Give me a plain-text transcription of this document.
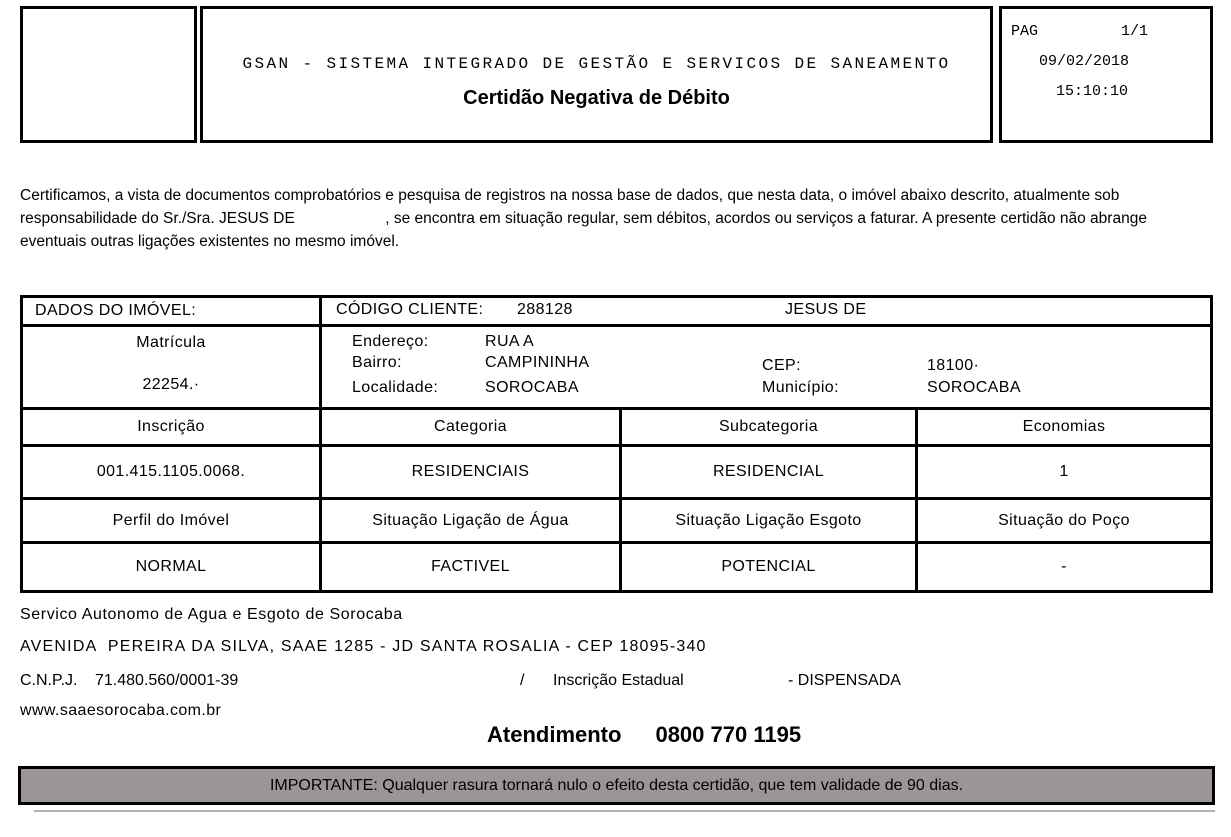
GSAN - SISTEMA INTEGRADO DE GESTÃO E SERVICOS DE SANEAMENTO
Certidão Negativa de Débito
PAG	1/1
09/02/2018
15:10:10
Certificamos, a vista de documentos comprobatórios e pesquisa de registros na nossa base de dados, que nesta data, o imóvel abaixo descrito, atualmente sob
responsabilidade do Sr./Sra. JESUS DE                     , se encontra em situação regular, sem débitos, acordos ou serviços a faturar. A presente certidão não abrange
eventuais outras ligações existentes no mesmo imóvel.
DADOS DO IMÓVEL:	CÓDIGO CLIENTE: 288128	JESUS DE
Matrícula
22254.·
Endereço:	RUA A
Bairro:	CAMPININHA
Localidade:	SOROCABA
CEP:	18100·
Município:	SOROCABA
Inscrição	Categoria	Subcategoria	Economias
001.415.1105.0068.	RESIDENCIAIS	RESIDENCIAL	1
Perfil do Imóvel	Situação Ligação de Água	Situação Ligação Esgoto	Situação do Poço
NORMAL	FACTIVEL	POTENCIAL	-
Servico Autonomo de Agua e Esgoto de Sorocaba
AVENIDA  PEREIRA DA SILVA, SAAE 1285 - JD SANTA ROSALIA - CEP 18095-340
C.N.P.J. 71.480.560/0001-39	/ Inscrição Estadual	- DISPENSADA
www.saaesorocaba.com.br
Atendimento 0800 770 1195
IMPORTANTE: Qualquer rasura tornará nulo o efeito desta certidão, que tem validade de 90 dias.
